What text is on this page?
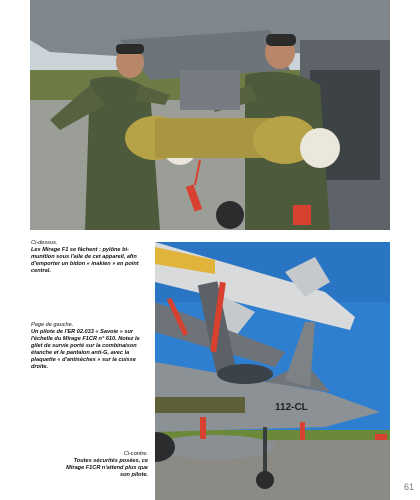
112-CL
Ci-dessus.
Les Mirage F1 se fâchent : pylône bi-munition sous l'aile de cet appareil, afin d'emporter un bidon « inakien » en point central.
Page de gauche.
Un pilote de l'ER 02.033 « Savoie » sur l'échelle du Mirage F1CR n° 610. Notez le gilet de survie porté sur la combinaison étanche et le pantalon anti-G, avec la plaquette « d'antisèches » sur la cuisse droite.
Ci-contre.
Toutes sécurités posées, ce Mirage F1CR n'attend plus que son pilote.
61
